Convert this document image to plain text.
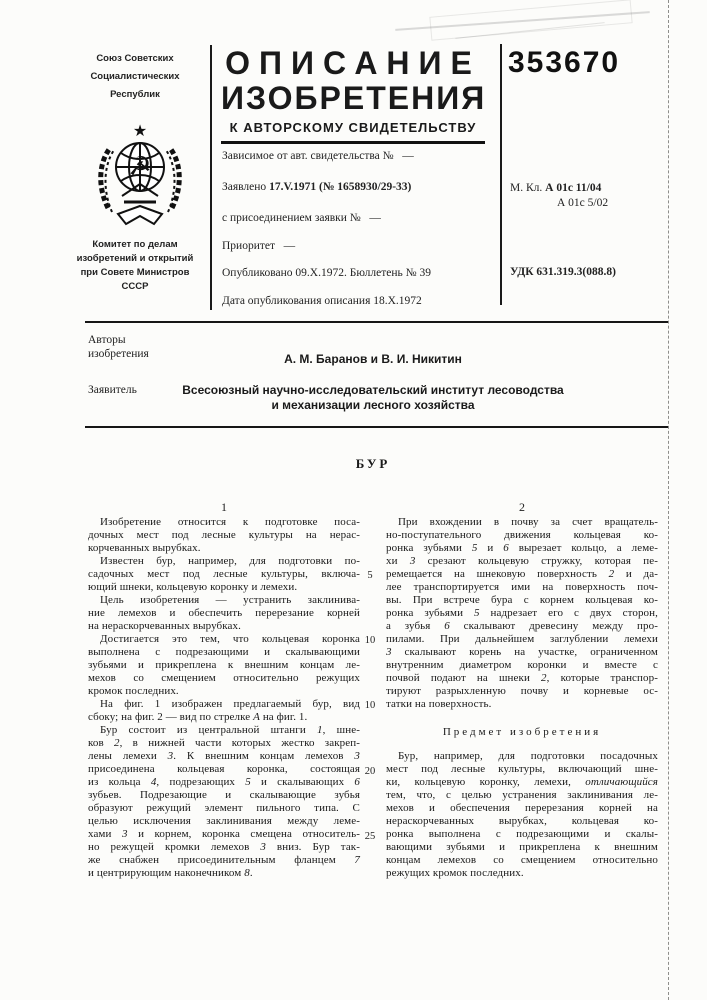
Союз Советских
Социалистических
Республик
★
☭
Комитет по делам
изобретений и открытий
при Совете Министров
СССР
ОПИСАНИЕ
ИЗОБРЕТЕНИЯ
К АВТОРСКОМУ СВИДЕТЕЛЬСТВУ
353670
Зависимое от авт. свидетельства № —
Заявлено 17.V.1971 (№ 1658930/29-33)
с присоединением заявки № —
Приоритет —
Опубликовано 09.X.1972. Бюллетень № 39
Дата опубликования описания 18.X.1972
М. Кл. А 01с 11/04
А 01с 5/02
УДК 631.319.3(088.8)
Авторы
изобретения	А. М. Баранов и В. И. Никитин
Заявитель	Всесоюзный научно-исследовательский институт лесоводства
и механизации лесного хозяйства
БУР
1	2
Изобретение относится к подготовке поса-
дочных мест под лесные культуры на нерас-
корчеванных вырубках.
Известен бур, например, для подготовки по-
садочных мест под лесные культуры, включа-
ющий шнеки, кольцевую коронку и лемехи.
Цель изобретения — устранить заклинива-
ние лемехов и обеспечить перерезание корней
на нераскорчеванных вырубках.
Достигается это тем, что кольцевая коронка
выполнена с подрезающими и скалывающими
зубьями и прикреплена к внешним концам ле-
мехов со смещением относительно режущих
кромок последних.
На фиг. 1 изображен предлагаемый бур, вид
сбоку; на фиг. 2 — вид по стрелке А на фиг. 1.
Бур состоит из центральной штанги 1, шне-
ков 2, в нижней части которых жестко закреп-
лены лемехи 3. К внешним концам лемехов 3
присоединена кольцевая коронка, состоящая
из кольца 4, подрезающих 5 и скалывающих 6
зубьев. Подрезающие и скалывающие зубья
образуют режущий элемент пильного типа. С
целью исключения заклинивания между леме-
хами 3 и корнем, коронка смещена относитель-
но режущей кромки лемехов 3 вниз. Бур так-
же снабжен присоединительным фланцем 7
и центрирующим наконечником 8.
При вхождении в почву за счет вращатель-
но-поступательного движения кольцевая ко-
ронка зубьями 5 и 6 вырезает кольцо, а леме-
хи 3 срезают кольцевую стружку, которая пе-
ремещается на шнековую поверхность 2 и да-
лее транспортируется ими на поверхность поч-
вы. При встрече бура с корнем кольцевая ко-
ронка зубьями 5 надрезает его с двух сторон,
а зубья 6 скалывают древесину между про-
пилами. При дальнейшем заглублении лемехи
3 скалывают корень на участке, ограниченном
внутренним диаметром коронки и вместе с
почвой подают на шнеки 2, которые транспор-
тируют разрыхленную почву и корневые ос-
татки на поверхность.
Предмет изобретения
Бур, например, для подготовки посадочных
мест под лесные культуры, включающий шне-
ки, кольцевую коронку, лемехи, отличающийся
тем, что, с целью устранения заклинивания ле-
мехов и обеспечения перерезания корней на
нераскорчеванных вырубках, кольцевая ко-
ронка выполнена с подрезающими и скалы-
вающими зубьями и прикреплена к внешним
концам лемехов со смещением относительно
режущих кромок последних.
5
10
10
20
25
